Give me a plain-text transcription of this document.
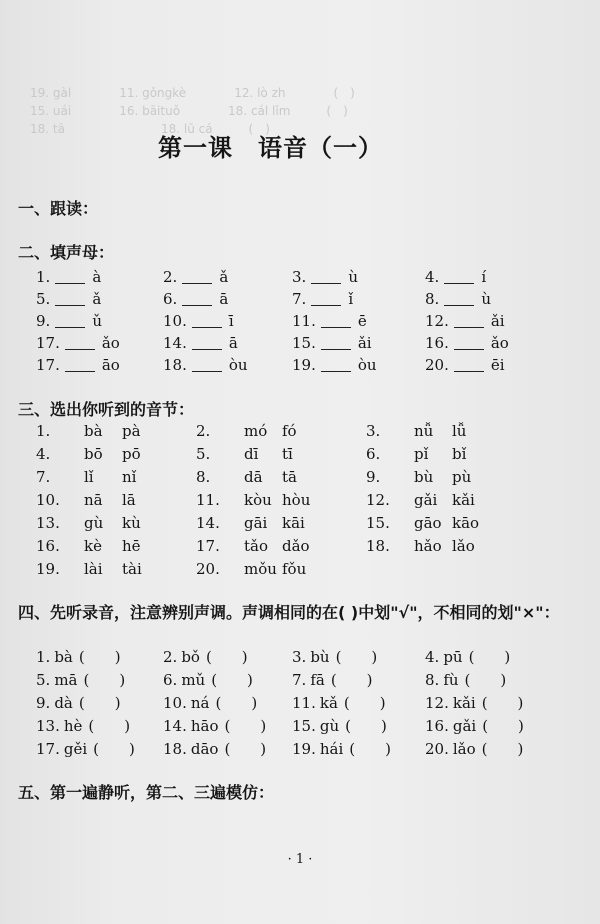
19. gàl　　　　11. gǒngkè　　　　12. lò zh　　　　(　)
15. uái　　　　16. bāituǒ　　　　18. cál lǐm　　　(　)
18. tā　　　　　　　　18. lū cá　　　(　)
第一课　语音（一）
一、跟读：
二、填声母：
1.	à	2.	ǎ	3.	ù	4.	í
5.	ǎ	6.	ā	7.	ǐ	8.	ù
9.	ǔ	10.	ī	11.	ē	12.	ǎi
17.	ǎo	14.	ā	15.	ǎi	16.	ǎo
17.	āo	18.	òu	19.	òu	20.	ēi
三、选出你听到的音节：
1. bà pà	2. mó fó	3. nǚ lǚ
4. bō pō	5. dī tī	6. pǐ bǐ
7. lǐ nǐ	8. dā tā	9. bù pù
10. nā lā	11. kòu hòu	12. gǎi kǎi
13. gù kù	14. gāi kāi	15. gāo kāo
16. kè hē	17. tǎo dǎo	18. hǎo lǎo
19. lài tài	20. mǒu fǒu
四、先听录音，注意辨别声调。声调相同的在( )中划"√"，不相同的划"×"：
1. bà (　　)	2. bǒ (　　)	3. bù (　　)	4. pū (　　)
5. mā (　　)	6. mǔ (　　)	7. fā (　　)	8. fù (　　)
9. dà (　　)	10. ná (　　)	11. kǎ (　　)	12. kǎi (　　)
13. hè (　　)	14. hāo (　　)	15. gù (　　)	16. gǎi (　　)
17. gěi (　　)	18. dāo (　　)	19. hái (　　)	20. lǎo (　　)
五、第一遍静听，第二、三遍模仿：
· 1 ·
